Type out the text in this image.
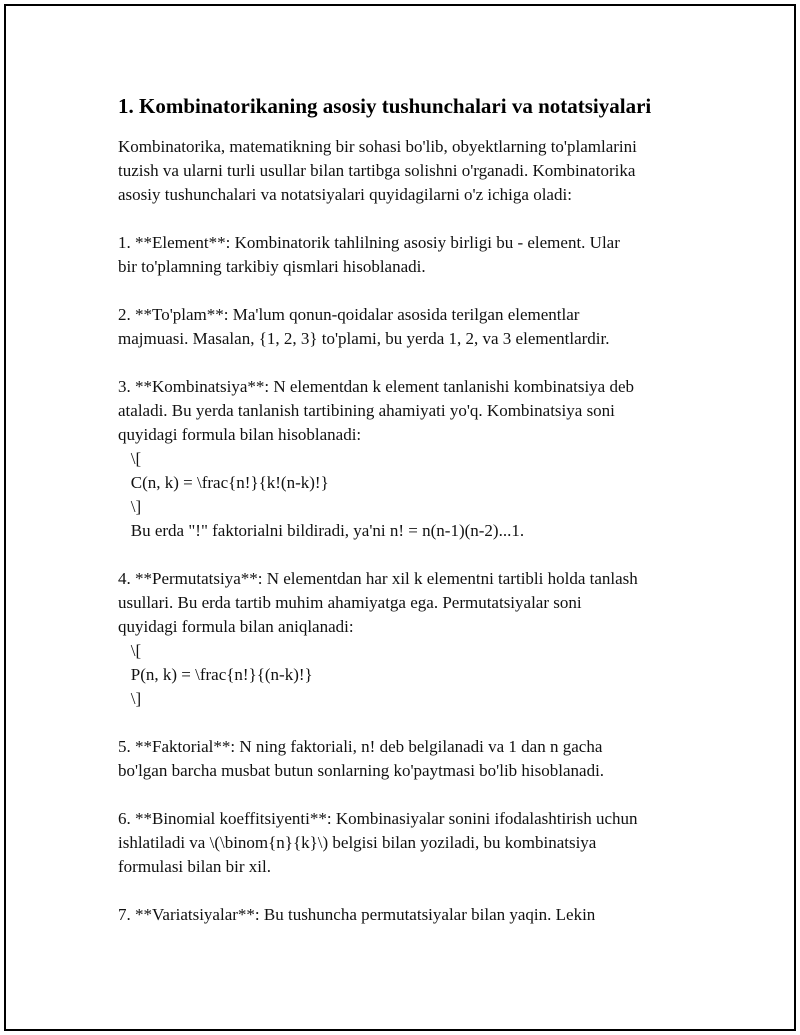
1. Kombinatorikaning asosiy tushunchalari va notatsiyalari

Kombinatorika, matematikning bir sohasi bo'lib, obyektlarning to'plamlarini
tuzish va ularni turli usullar bilan tartibga solishni o'rganadi. Kombinatorika
asosiy tushunchalari va notatsiyalari quyidagilarni o'z ichiga oladi:

1. **Element**: Kombinatorik tahlilning asosiy birligi bu - element. Ular
bir to'plamning tarkibiy qismlari hisoblanadi.

2. **To'plam**: Ma'lum qonun-qoidalar asosida terilgan elementlar
majmuasi. Masalan, {1, 2, 3} to'plami, bu yerda 1, 2, va 3 elementlardir.

3. **Kombinatsiya**: N elementdan k element tanlanishi kombinatsiya deb
ataladi. Bu yerda tanlanish tartibining ahamiyati yo'q. Kombinatsiya soni
quyidagi formula bilan hisoblanadi:
\[
C(n, k) = \frac{n!}{k!(n-k)!}
\]
Bu erda "!" faktorialni bildiradi, ya'ni n! = n(n-1)(n-2)...1.

4. **Permutatsiya**: N elementdan har xil k elementni tartibli holda tanlash
usullari. Bu erda tartib muhim ahamiyatga ega. Permutatsiyalar soni
quyidagi formula bilan aniqlanadi:
\[
P(n, k) = \frac{n!}{(n-k)!}
\]

5. **Faktorial**: N ning faktoriali, n! deb belgilanadi va 1 dan n gacha
bo'lgan barcha musbat butun sonlarning ko'paytmasi bo'lib hisoblanadi.

6. **Binomial koeffitsiyenti**: Kombinasiyalar sonini ifodalashtirish uchun
ishlatiladi va \(\binom{n}{k}\) belgisi bilan yoziladi, bu kombinatsiya
formulasi bilan bir xil.

7. **Variatsiyalar**: Bu tushuncha permutatsiyalar bilan yaqin. Lekin
